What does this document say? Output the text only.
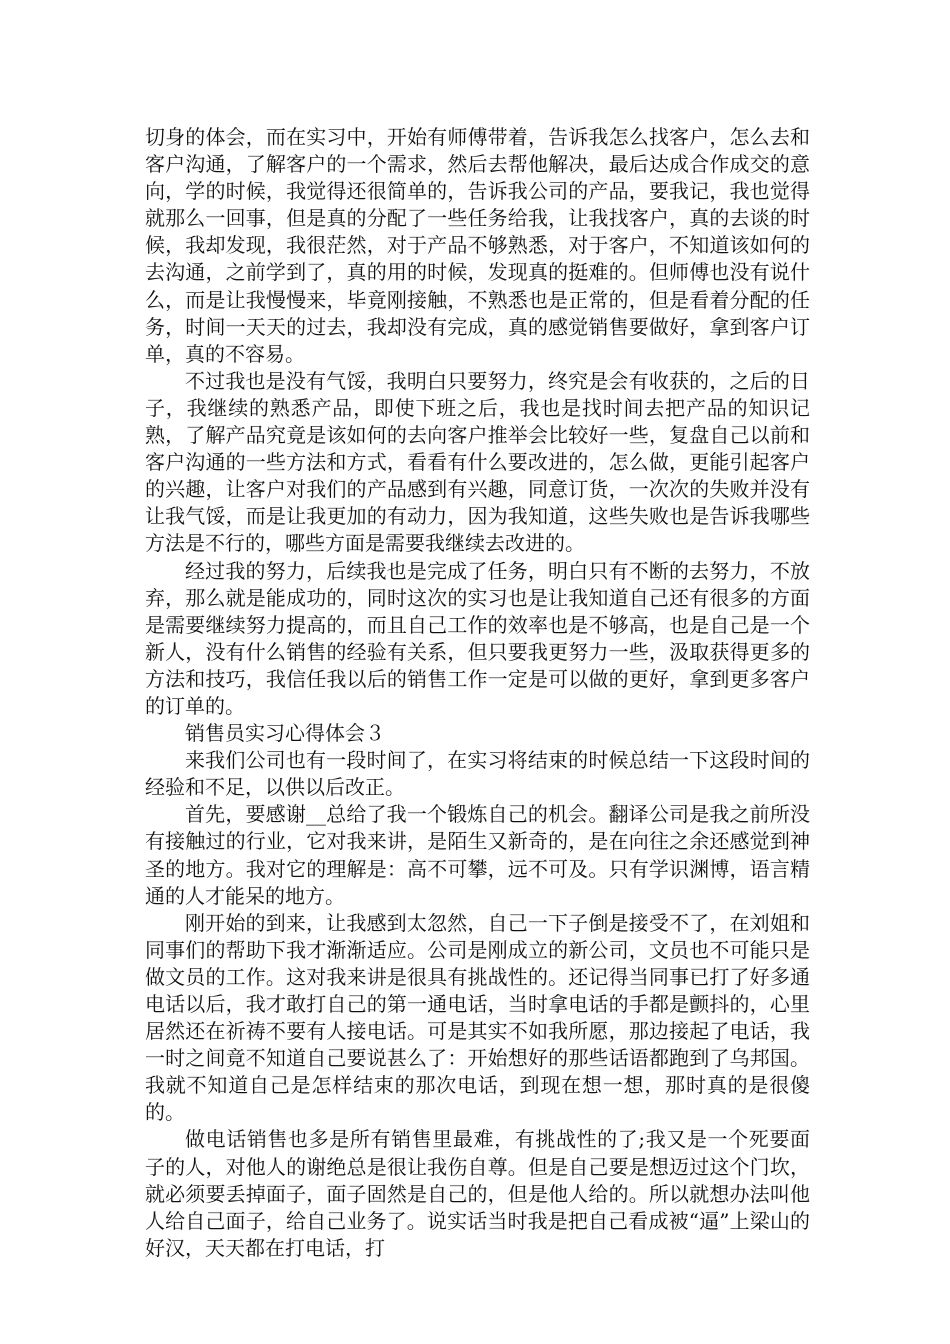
切身的体会，而在实习中，开始有师傅带着，告诉我怎么找客户，怎么去和客户沟通，了解客户的一个需求，然后去帮他解决，最后达成合作成交的意向，学的时候，我觉得还很简单的，告诉我公司的产品，要我记，我也觉得就那么一回事，但是真的分配了一些任务给我，让我找客户，真的去谈的时候，我却发现，我很茫然，对于产品不够熟悉，对于客户，不知道该如何的去沟通，之前学到了，真的用的时候，发现真的挺难的。但师傅也没有说什么，而是让我慢慢来，毕竟刚接触，不熟悉也是正常的，但是看着分配的任务，时间一天天的过去，我却没有完成，真的感觉销售要做好，拿到客户订单，真的不容易。

不过我也是没有气馁，我明白只要努力，终究是会有收获的，之后的日子，我继续的熟悉产品，即使下班之后，我也是找时间去把产品的知识记熟，了解产品究竟是该如何的去向客户推举会比较好一些，复盘自己以前和客户沟通的一些方法和方式，看看有什么要改进的，怎么做，更能引起客户的兴趣，让客户对我们的产品感到有兴趣，同意订货，一次次的失败并没有让我气馁，而是让我更加的有动力，因为我知道，这些失败也是告诉我哪些方法是不行的，哪些方面是需要我继续去改进的。

经过我的努力，后续我也是完成了任务，明白只有不断的去努力，不放弃，那么就是能成功的，同时这次的实习也是让我知道自己还有很多的方面是需要继续努力提高的，而且自己工作的效率也是不够高，也是自己是一个新人，没有什么销售的经验有关系，但只要我更努力一些，汲取获得更多的方法和技巧，我信任我以后的销售工作一定是可以做的更好，拿到更多客户的订单的。

销售员实习心得体会３

来我们公司也有一段时间了，在实习将结束的时候总结一下这段时间的经验和不足，以供以后改正。

首先，要感谢__总给了我一个锻炼自己的机会。翻译公司是我之前所没有接触过的行业，它对我来讲，是陌生又新奇的，是在向往之余还感觉到神圣的地方。我对它的理解是：高不可攀，远不可及。只有学识渊博，语言精通的人才能呆的地方。

刚开始的到来，让我感到太忽然，自己一下子倒是接受不了，在刘姐和同事们的帮助下我才渐渐适应。公司是刚成立的新公司，文员也不可能只是做文员的工作。这对我来讲是很具有挑战性的。还记得当同事已打了好多通电话以后，我才敢打自己的第一通电话，当时拿电话的手都是颤抖的，心里居然还在祈祷不要有人接电话。可是其实不如我所愿，那边接起了电话，我一时之间竟不知道自己要说甚么了：开始想好的那些话语都跑到了乌邦国。我就不知道自己是怎样结束的那次电话，到现在想一想，那时真的是很傻的。

做电话销售也多是所有销售里最难，有挑战性的了;我又是一个死要面子的人，对他人的谢绝总是很让我伤自尊。但是自己要是想迈过这个门坎，就必须要丢掉面子，面子固然是自己的，但是他人给的。所以就想办法叫他人给自己面子，给自己业务了。说实话当时我是把自己看成被“逼”上梁山的好汉，天天都在打电话，打
